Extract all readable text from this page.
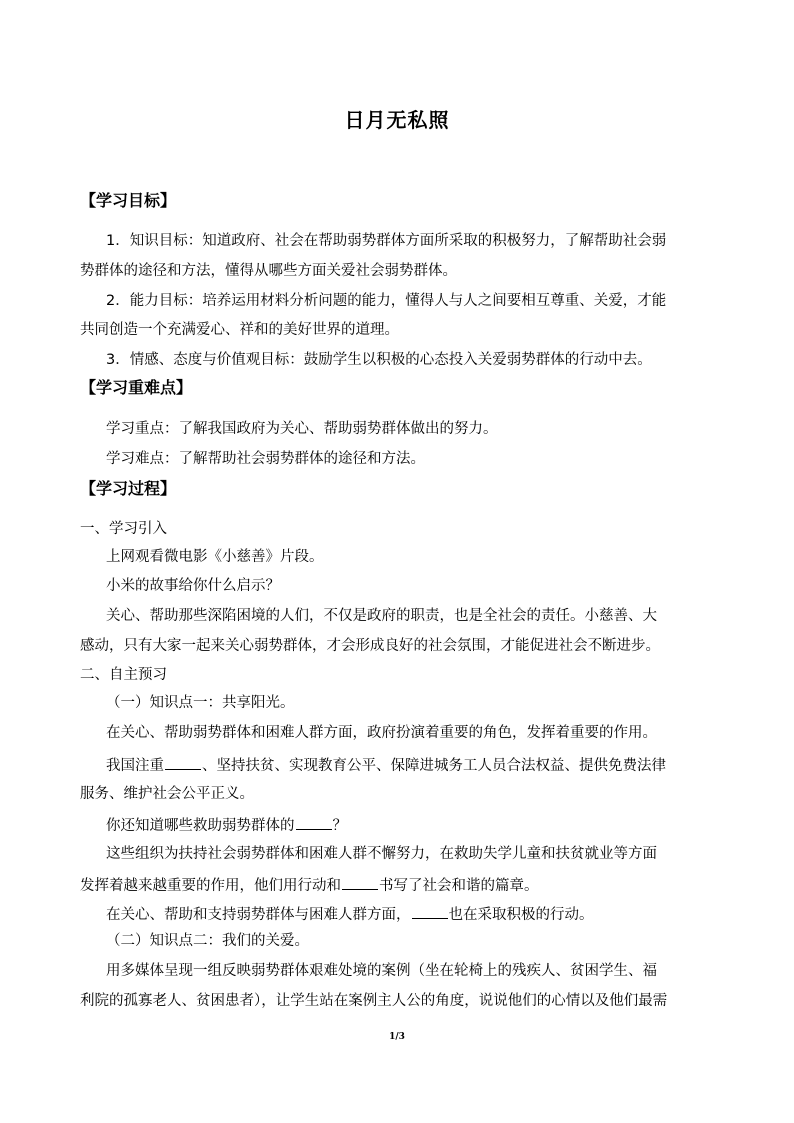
日月无私照
【学习目标】
1．知识目标：知道政府、社会在帮助弱势群体方面所采取的积极努力，了解帮助社会弱
势群体的途径和方法，懂得从哪些方面关爱社会弱势群体。
2．能力目标：培养运用材料分析问题的能力，懂得人与人之间要相互尊重、关爱，才能
共同创造一个充满爱心、祥和的美好世界的道理。
3．情感、态度与价值观目标：鼓励学生以积极的心态投入关爱弱势群体的行动中去。
【学习重难点】
学习重点：了解我国政府为关心、帮助弱势群体做出的努力。
学习难点：了解帮助社会弱势群体的途径和方法。
【学习过程】
一、学习引入
上网观看微电影《小慈善》片段。
小米的故事给你什么启示？
关心、帮助那些深陷困境的人们，不仅是政府的职责，也是全社会的责任。小慈善、大
感动，只有大家一起来关心弱势群体，才会形成良好的社会氛围，才能促进社会不断进步。
二、自主预习
（一）知识点一：共享阳光。
在关心、帮助弱势群体和困难人群方面，政府扮演着重要的角色，发挥着重要的作用。
我国注重	、坚持扶贫、实现教育公平、保障进城务工人员合法权益、提供免费法律
服务、维护社会公平正义。
你还知道哪些救助弱势群体的	？
这些组织为扶持社会弱势群体和困难人群不懈努力，在救助失学儿童和扶贫就业等方面
发挥着越来越重要的作用，他们用行动和	书写了社会和谐的篇章。
在关心、帮助和支持弱势群体与困难人群方面，	也在采取积极的行动。
（二）知识点二：我们的关爱。
用多媒体呈现一组反映弱势群体艰难处境的案例（坐在轮椅上的残疾人、贫困学生、福
利院的孤寡老人、贫困患者），让学生站在案例主人公的角度，说说他们的心情以及他们最需
1/3
